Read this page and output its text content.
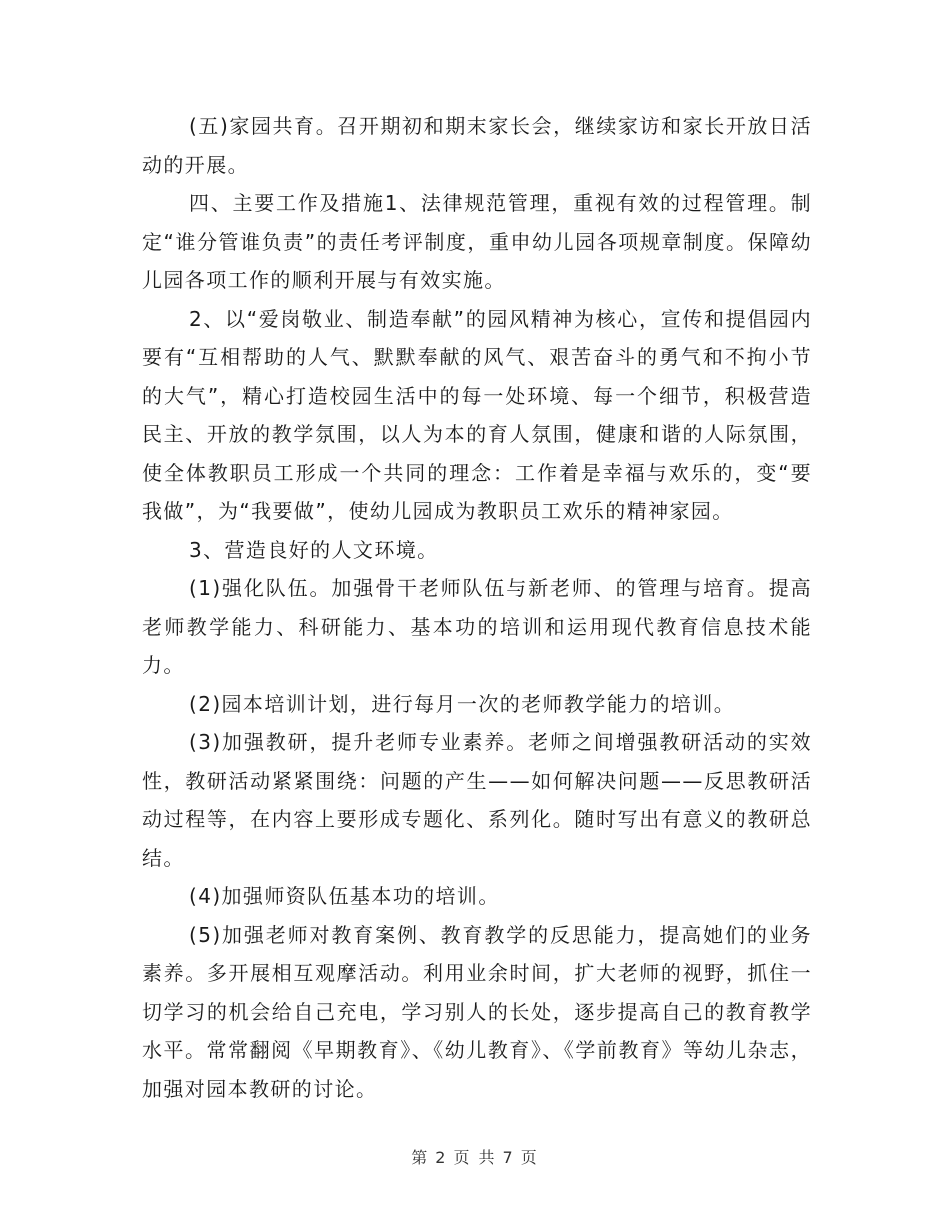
(五)家园共育。召开期初和期末家长会，继续家访和家长开放日活动的开展。

四、主要工作及措施1、法律规范管理，重视有效的过程管理。制定“谁分管谁负责”的责任考评制度，重申幼儿园各项规章制度。保障幼儿园各项工作的顺利开展与有效实施。

2、以“爱岗敬业、制造奉献”的园风精神为核心，宣传和提倡园内要有“互相帮助的人气、默默奉献的风气、艰苦奋斗的勇气和不拘小节的大气”，精心打造校园生活中的每一处环境、每一个细节，积极营造民主、开放的教学氛围，以人为本的育人氛围，健康和谐的人际氛围，使全体教职员工形成一个共同的理念：工作着是幸福与欢乐的，变“要我做”，为“我要做”，使幼儿园成为教职员工欢乐的精神家园。

3、营造良好的人文环境。

(1)强化队伍。加强骨干老师队伍与新老师、的管理与培育。提高老师教学能力、科研能力、基本功的培训和运用现代教育信息技术能力。

(2)园本培训计划，进行每月一次的老师教学能力的培训。

(3)加强教研，提升老师专业素养。老师之间增强教研活动的实效性，教研活动紧紧围绕：问题的产生——如何解决问题——反思教研活动过程等，在内容上要形成专题化、系列化。随时写出有意义的教研总结。

(4)加强师资队伍基本功的培训。

(5)加强老师对教育案例、教育教学的反思能力，提高她们的业务素养。多开展相互观摩活动。利用业余时间，扩大老师的视野，抓住一切学习的机会给自己充电，学习别人的长处，逐步提高自己的教育教学水平。常常翻阅《早期教育》、《幼儿教育》、《学前教育》等幼儿杂志，加强对园本教研的讨论。

第 2 页 共 7 页
